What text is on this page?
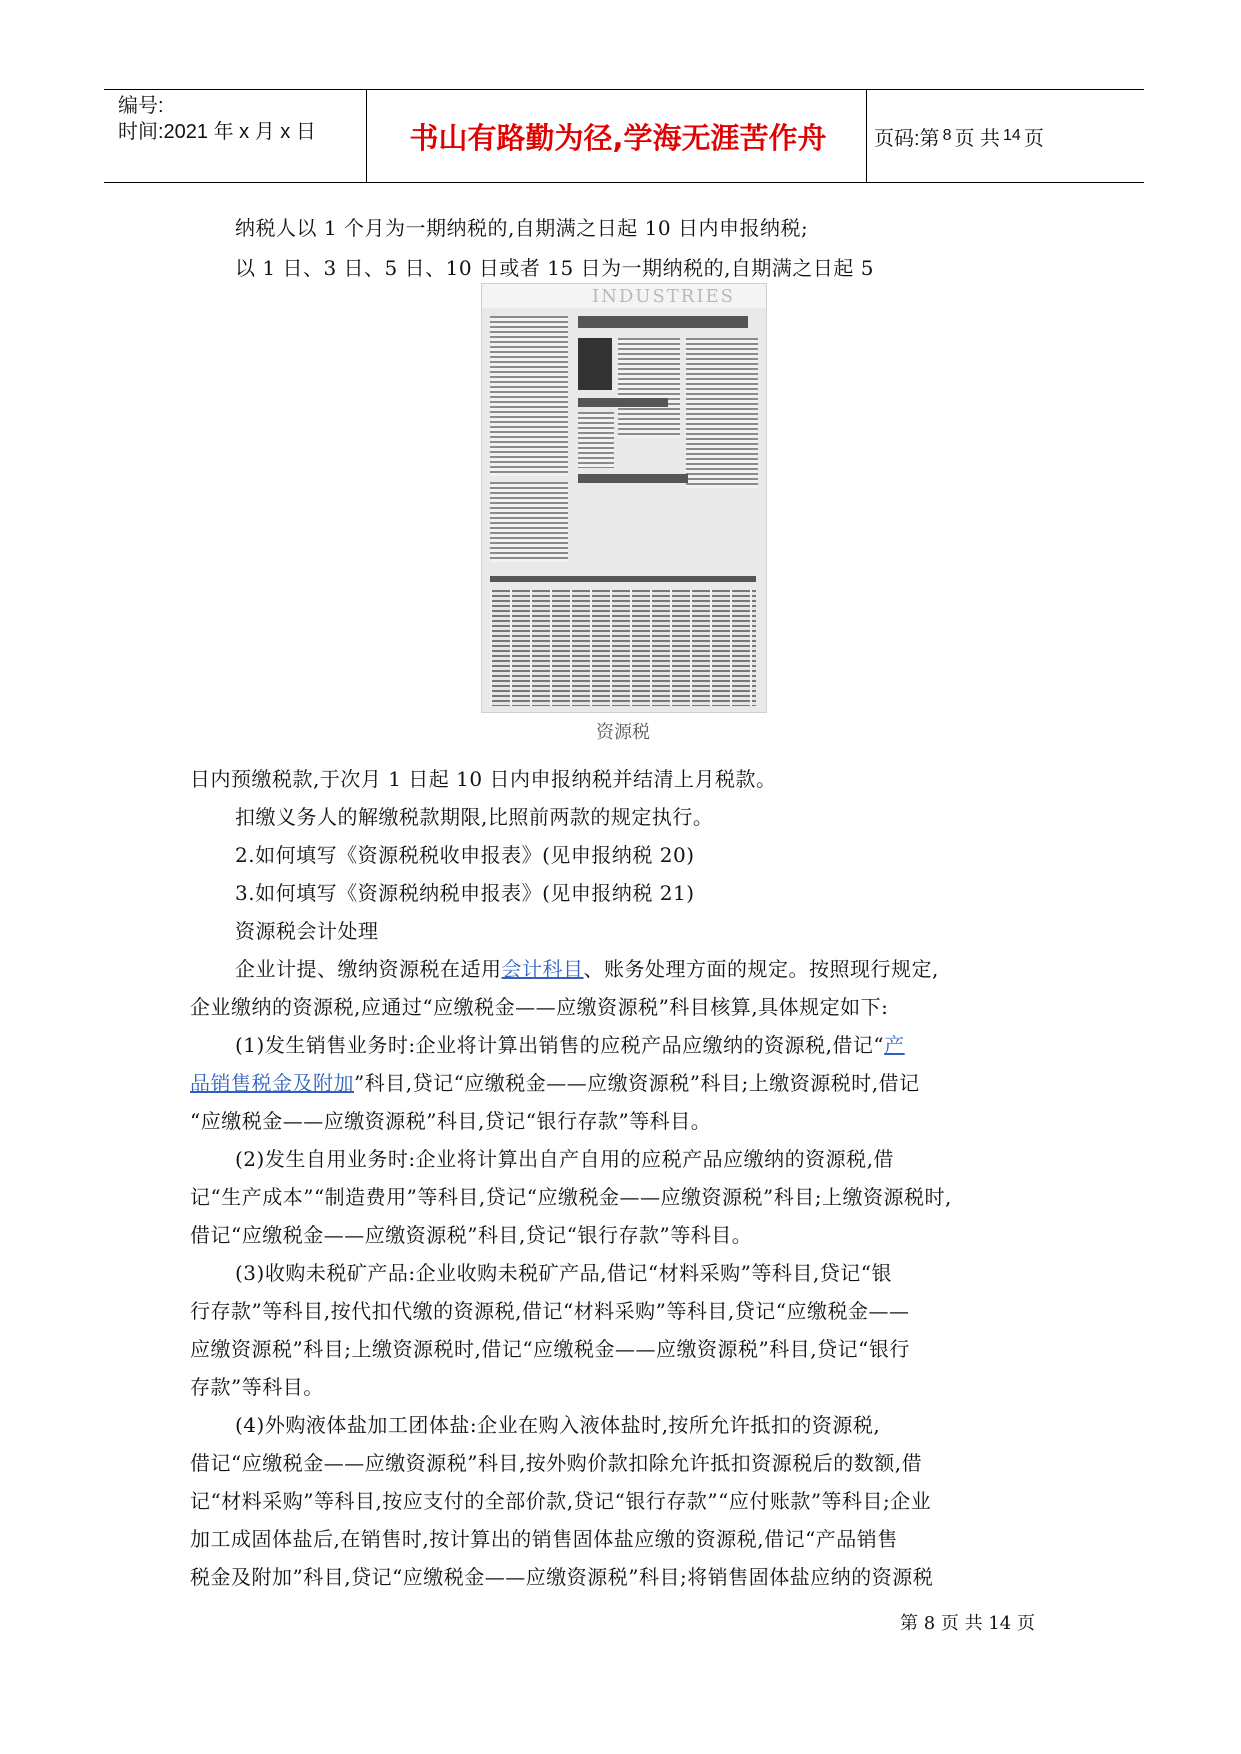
编号:
时间:2021 年 x 月 x 日	书山有路勤为径,学海无涯苦作舟	页码:第 8 页 共 14 页
纳税人以 1 个月为一期纳税的,自期满之日起 10 日内申报纳税;
以 1 日、3 日、5 日、10 日或者 15 日为一期纳税的,自期满之日起 5
INDUSTRIES
资源税
日内预缴税款,于次月 1 日起 10 日内申报纳税并结清上月税款。
扣缴义务人的解缴税款期限,比照前两款的规定执行。
2.如何填写《资源税税收申报表》(见申报纳税 20)
3.如何填写《资源税纳税申报表》(见申报纳税 21)
资源税会计处理
企业计提、缴纳资源税在适用会计科目、账务处理方面的规定。按照现行规定,
企业缴纳的资源税,应通过“应缴税金——应缴资源税”科目核算,具体规定如下:
(1)发生销售业务时:企业将计算出销售的应税产品应缴纳的资源税,借记“产
品销售税金及附加”科目,贷记“应缴税金——应缴资源税”科目;上缴资源税时,借记
“应缴税金——应缴资源税”科目,贷记“银行存款”等科目。
(2)发生自用业务时:企业将计算出自产自用的应税产品应缴纳的资源税,借
记“生产成本”“制造费用”等科目,贷记“应缴税金——应缴资源税”科目;上缴资源税时,
借记“应缴税金——应缴资源税”科目,贷记“银行存款”等科目。
(3)收购未税矿产品:企业收购未税矿产品,借记“材料采购”等科目,贷记“银
行存款”等科目,按代扣代缴的资源税,借记“材料采购”等科目,贷记“应缴税金——
应缴资源税”科目;上缴资源税时,借记“应缴税金——应缴资源税”科目,贷记“银行
存款”等科目。
(4)外购液体盐加工团体盐:企业在购入液体盐时,按所允许抵扣的资源税,
借记“应缴税金——应缴资源税”科目,按外购价款扣除允许抵扣资源税后的数额,借
记“材料采购”等科目,按应支付的全部价款,贷记“银行存款”“应付账款”等科目;企业
加工成固体盐后,在销售时,按计算出的销售固体盐应缴的资源税,借记“产品销售
税金及附加”科目,贷记“应缴税金——应缴资源税”科目;将销售固体盐应纳的资源税
第 8 页 共 14 页
